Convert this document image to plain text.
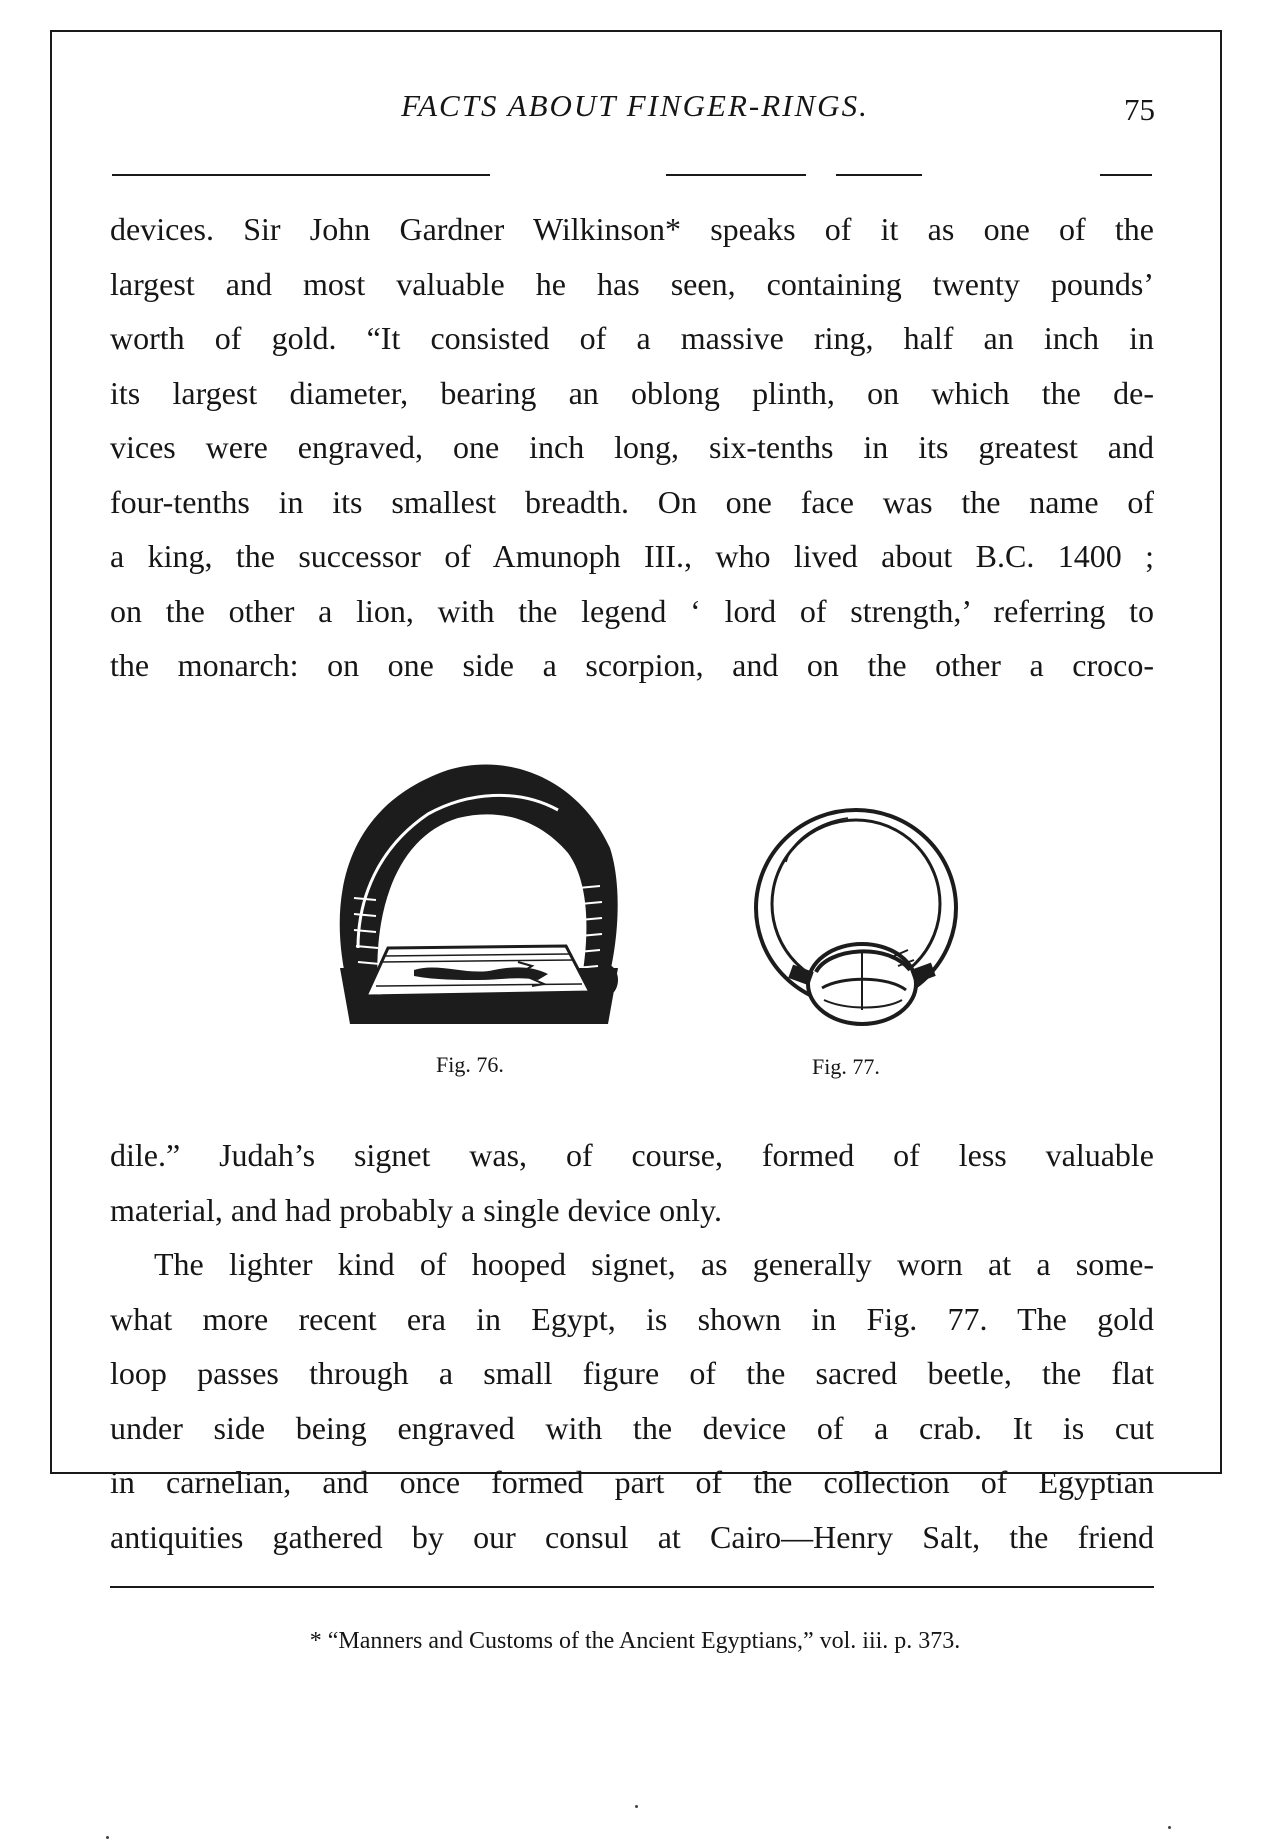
FACTS ABOUT FINGER-RINGS.	75
devices. Sir John Gardner Wilkinson* speaks of it as one of the
largest and most valuable he has seen, containing twenty pounds’
worth of gold. “It consisted of a massive ring, half an inch in
its largest diameter, bearing an oblong plinth, on which the de-
vices were engraved, one inch long, six-tenths in its greatest and
four-tenths in its smallest breadth. On one face was the name of
a king, the successor of Amunoph III., who lived about B.C. 1400 ;
on the other a lion, with the legend ‘ lord of strength,’ referring to
the monarch: on one side a scorpion, and on the other a croco-
Fig. 76.	Fig. 77.
dile.” Judah’s signet was, of course, formed of less valuable
material, and had probably a single device only.
The lighter kind of hooped signet, as generally worn at a some-
what more recent era in Egypt, is shown in Fig. 77. The gold
loop passes through a small figure of the sacred beetle, the flat
under side being engraved with the device of a crab. It is cut
in carnelian, and once formed part of the collection of Egyptian
antiquities gathered by our consul at Cairo—Henry Salt, the friend
* “Manners and Customs of the Ancient Egyptians,” vol. iii. p. 373.
